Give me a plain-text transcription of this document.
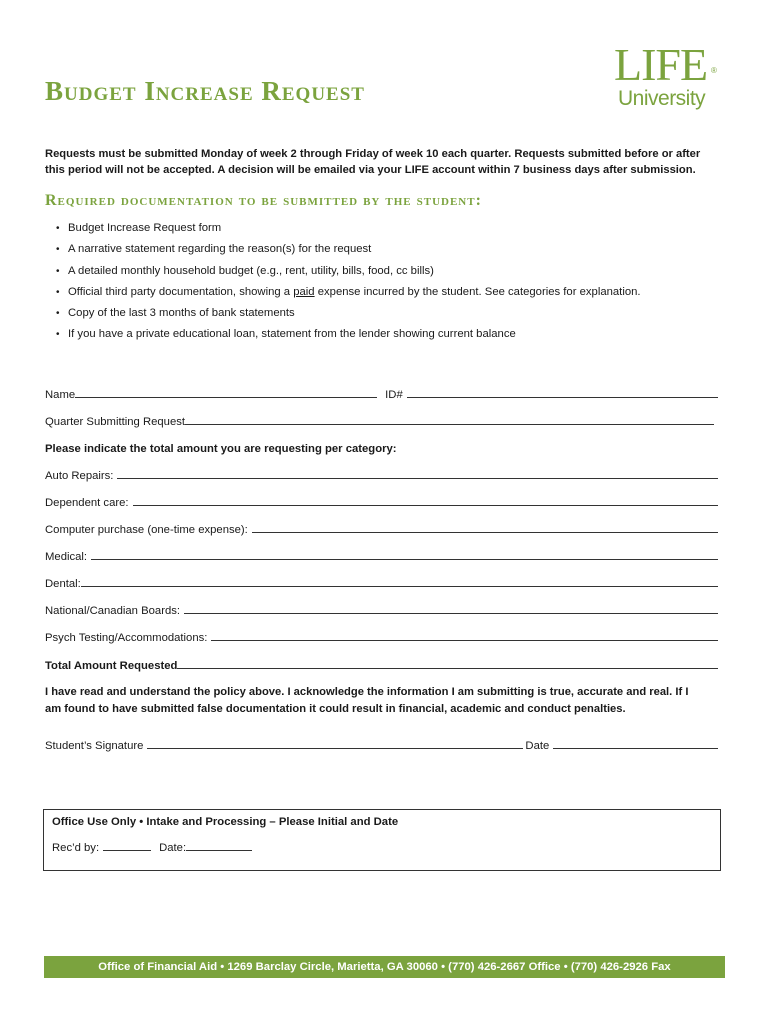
Budget Increase Request
LIFE ®
University
Requests must be submitted Monday of week 2 through Friday of week 10 each quarter. Requests submitted before or after
this period will not be accepted. A decision will be emailed via your LIFE account within 7 business days after submission.
Required documentation to be submitted by the student:
• Budget Increase Request form
• A narrative statement regarding the reason(s) for the request
• A detailed monthly household budget (e.g., rent, utility, bills, food, cc bills)
• Official third party documentation, showing a paid expense incurred by the student. See categories for explanation.
• Copy of the last 3 months of bank statements
• If you have a private educational loan, statement from the lender showing current balance
Name	ID#
Quarter Submitting Request
Please indicate the total amount you are requesting per category:
Auto Repairs:
Dependent care:
Computer purchase (one-time expense):
Medical:
Dental:
National/Canadian Boards:
Psych Testing/Accommodations:
Total Amount Requested
I have read and understand the policy above. I acknowledge the information I am submitting is true, accurate and real. If I
am found to have submitted false documentation it could result in financial, academic and conduct penalties.
Student’s Signature	Date
Office Use Only • Intake and Processing – Please Initial and Date
Rec’d by:	Date:
Office of Financial Aid • 1269 Barclay Circle, Marietta, GA 30060 • (770) 426-2667 Office • (770) 426-2926 Fax
